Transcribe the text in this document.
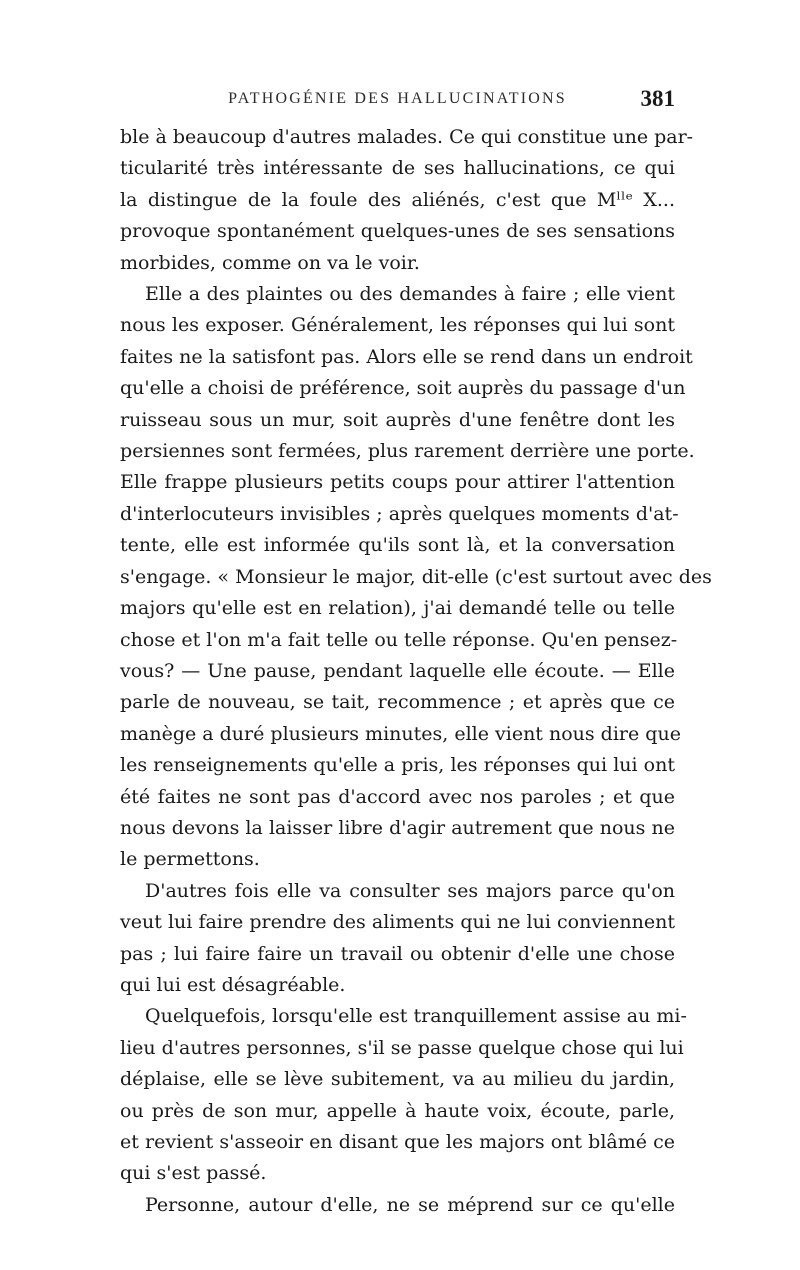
PATHOGÉNIE DES HALLUCINATIONS	381
ble à beaucoup d'autres malades. Ce qui constitue une par-
ticularité très intéressante de ses hallucinations, ce qui
la distingue de la foule des aliénés, c'est que Mˡˡᵉ X...
provoque spontanément quelques-unes de ses sensations
morbides, comme on va le voir.
Elle a des plaintes ou des demandes à faire ; elle vient
nous les exposer. Généralement, les réponses qui lui sont
faites ne la satisfont pas. Alors elle se rend dans un endroit
qu'elle a choisi de préférence, soit auprès du passage d'un
ruisseau sous un mur, soit auprès d'une fenêtre dont les
persiennes sont fermées, plus rarement derrière une porte.
Elle frappe plusieurs petits coups pour attirer l'attention
d'interlocuteurs invisibles ; après quelques moments d'at-
tente, elle est informée qu'ils sont là, et la conversation
s'engage. « Monsieur le major, dit-elle (c'est surtout avec des
majors qu'elle est en relation), j'ai demandé telle ou telle
chose et l'on m'a fait telle ou telle réponse. Qu'en pensez-
vous? — Une pause, pendant laquelle elle écoute. — Elle
parle de nouveau, se tait, recommence ; et après que ce
manège a duré plusieurs minutes, elle vient nous dire que
les renseignements qu'elle a pris, les réponses qui lui ont
été faites ne sont pas d'accord avec nos paroles ; et que
nous devons la laisser libre d'agir autrement que nous ne
le permettons.
D'autres fois elle va consulter ses majors parce qu'on
veut lui faire prendre des aliments qui ne lui conviennent
pas ; lui faire faire un travail ou obtenir d'elle une chose
qui lui est désagréable.
Quelquefois, lorsqu'elle est tranquillement assise au mi-
lieu d'autres personnes, s'il se passe quelque chose qui lui
déplaise, elle se lève subitement, va au milieu du jardin,
ou près de son mur, appelle à haute voix, écoute, parle,
et revient s'asseoir en disant que les majors ont blâmé ce
qui s'est passé.
Personne, autour d'elle, ne se méprend sur ce qu'elle
